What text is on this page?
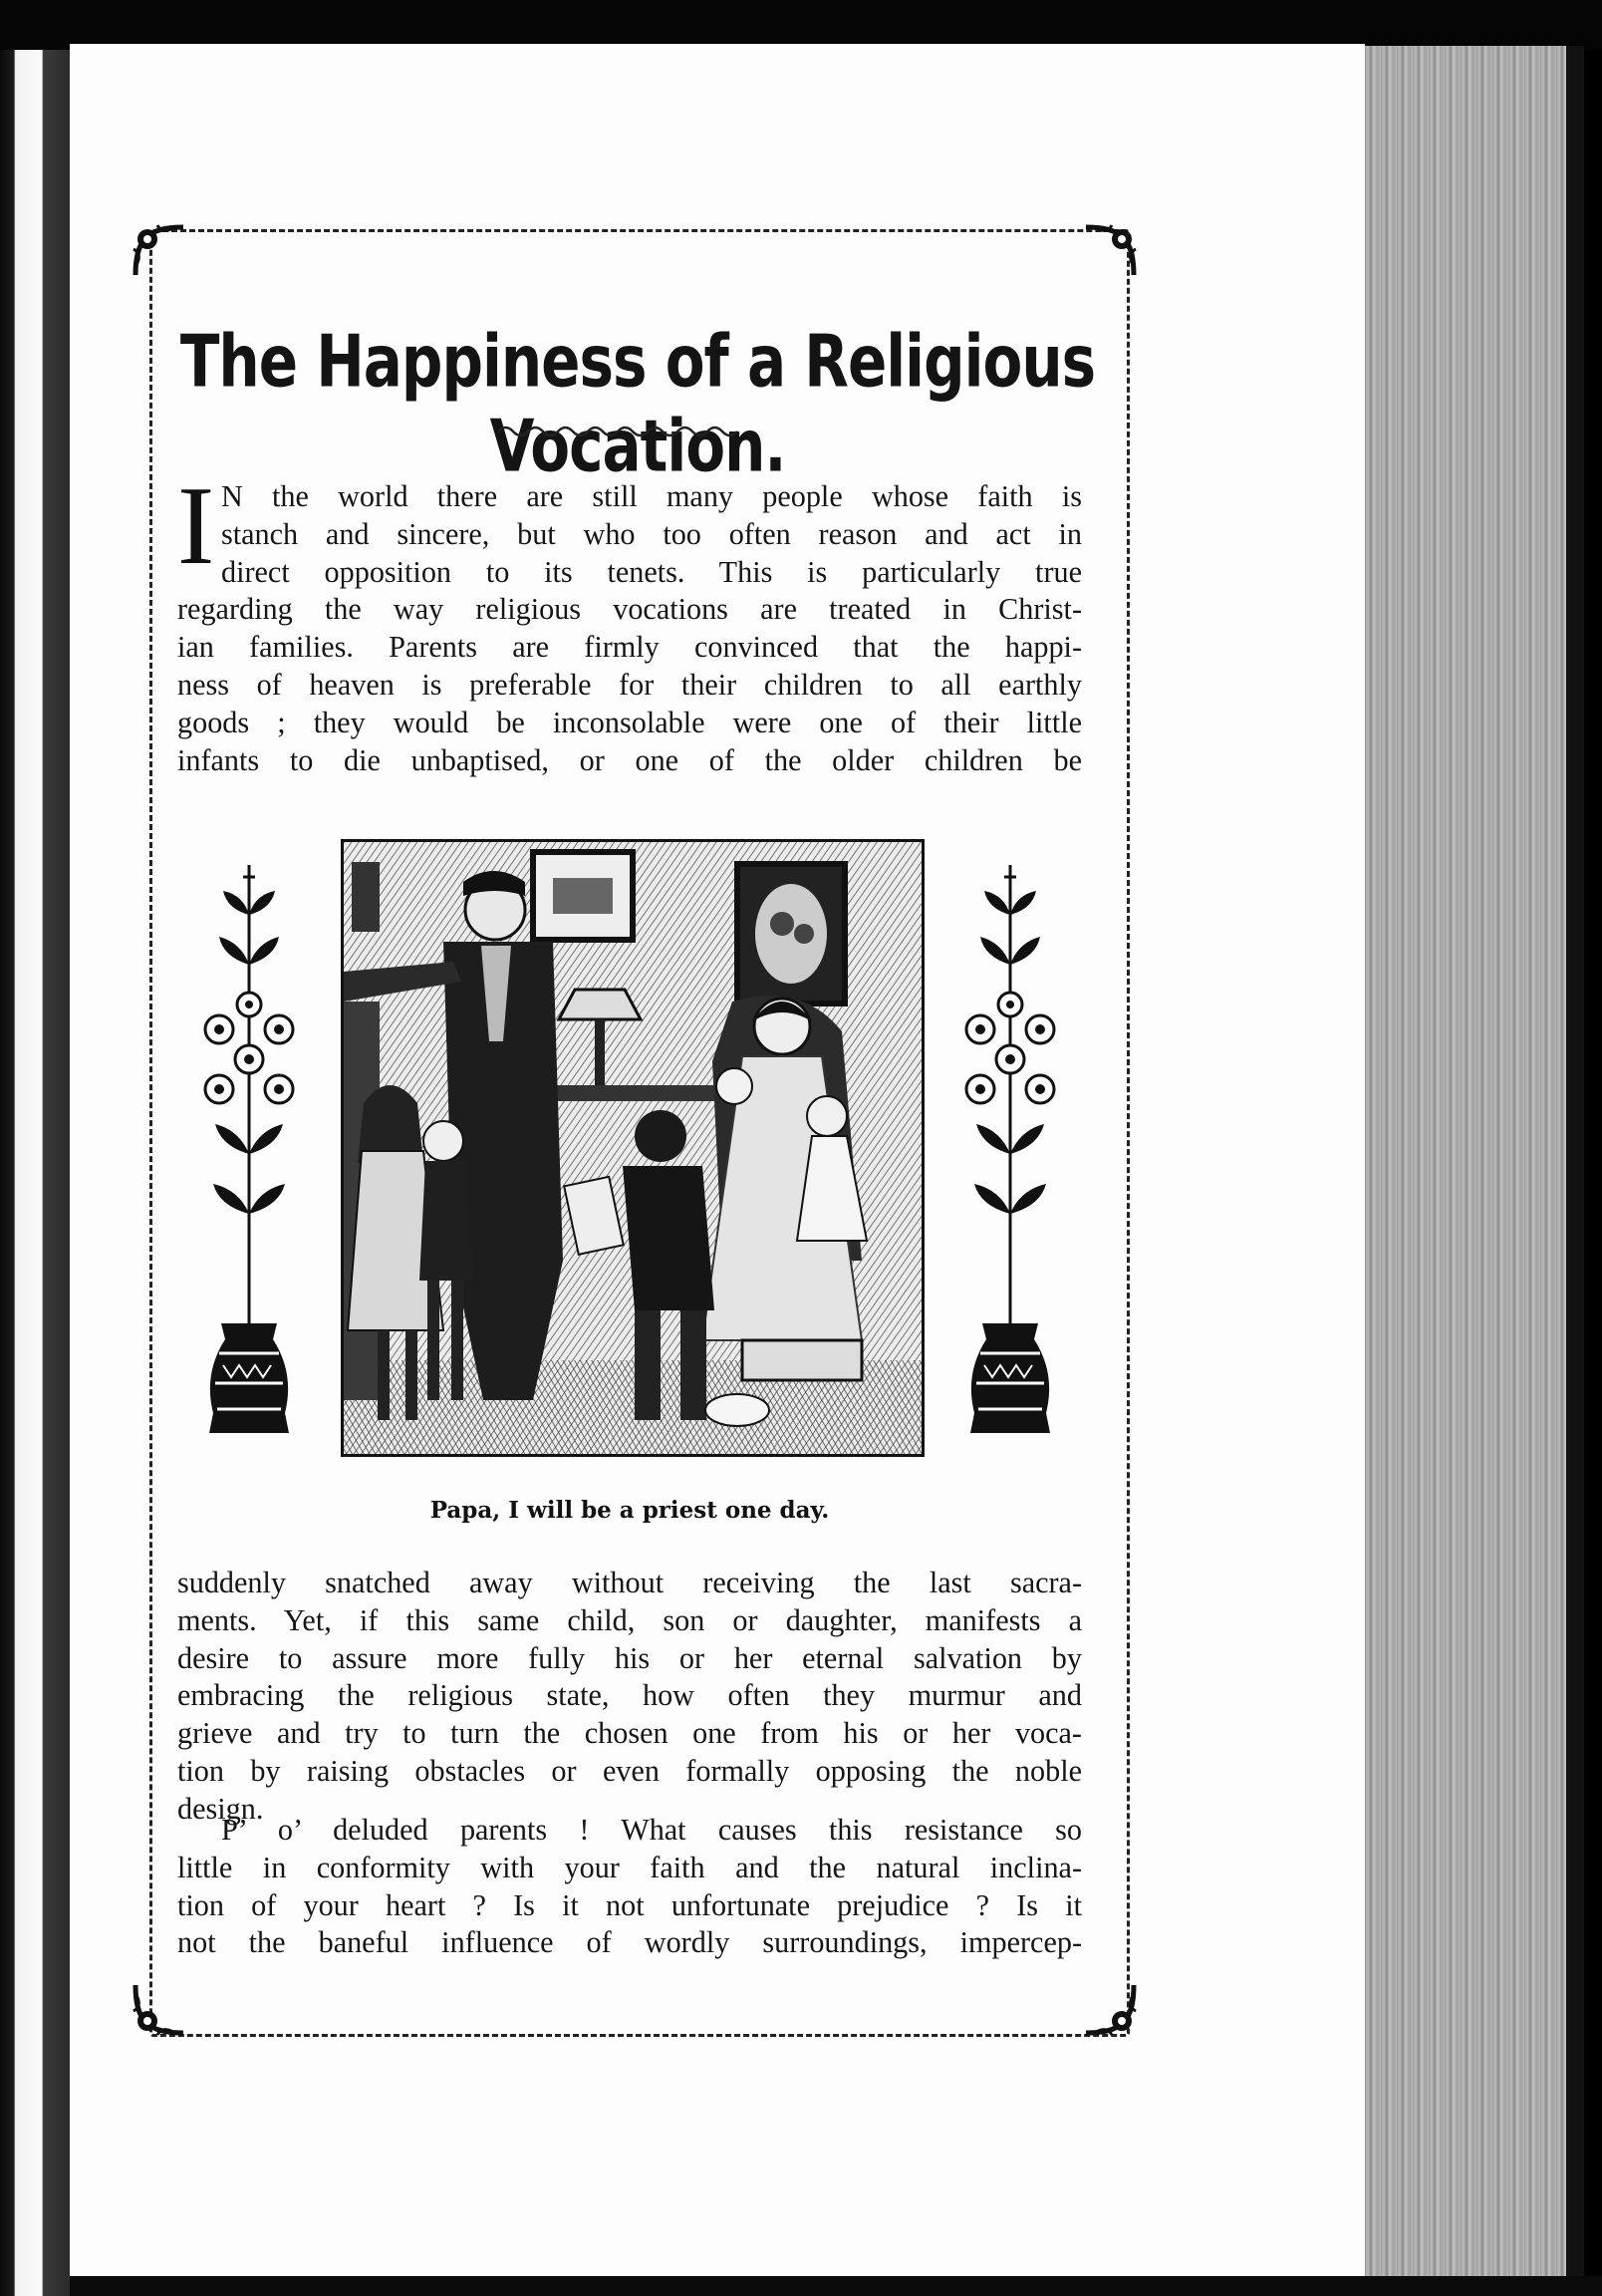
The Happiness of a Religious Vocation.
I N the world there are still many people whose faith is
stanch and sincere, but who too often reason and act in
direct opposition to its tenets. This is particularly true
regarding the way religious vocations are treated in Christ-
ian families. Parents are firmly convinced that the happi-
ness of heaven is preferable for their children to all earthly
goods ; they would be inconsolable were one of their little
infants to die unbaptised, or one of the older children be
Papa, I will be a priest one day.
suddenly snatched away without receiving the last sacra-
ments. Yet, if this same child, son or daughter, manifests a
desire to assure more fully his or her eternal salvation by
embracing the religious state, how often they murmur and
grieve and try to turn the chosen one from his or her voca-
tion by raising obstacles or even formally opposing the noble
design.
P’ o’ deluded parents ! What causes this resistance so
little in conformity with your faith and the natural inclina-
tion of your heart ? Is it not unfortunate prejudice ? Is it
not the baneful influence of wordly surroundings, impercep-
